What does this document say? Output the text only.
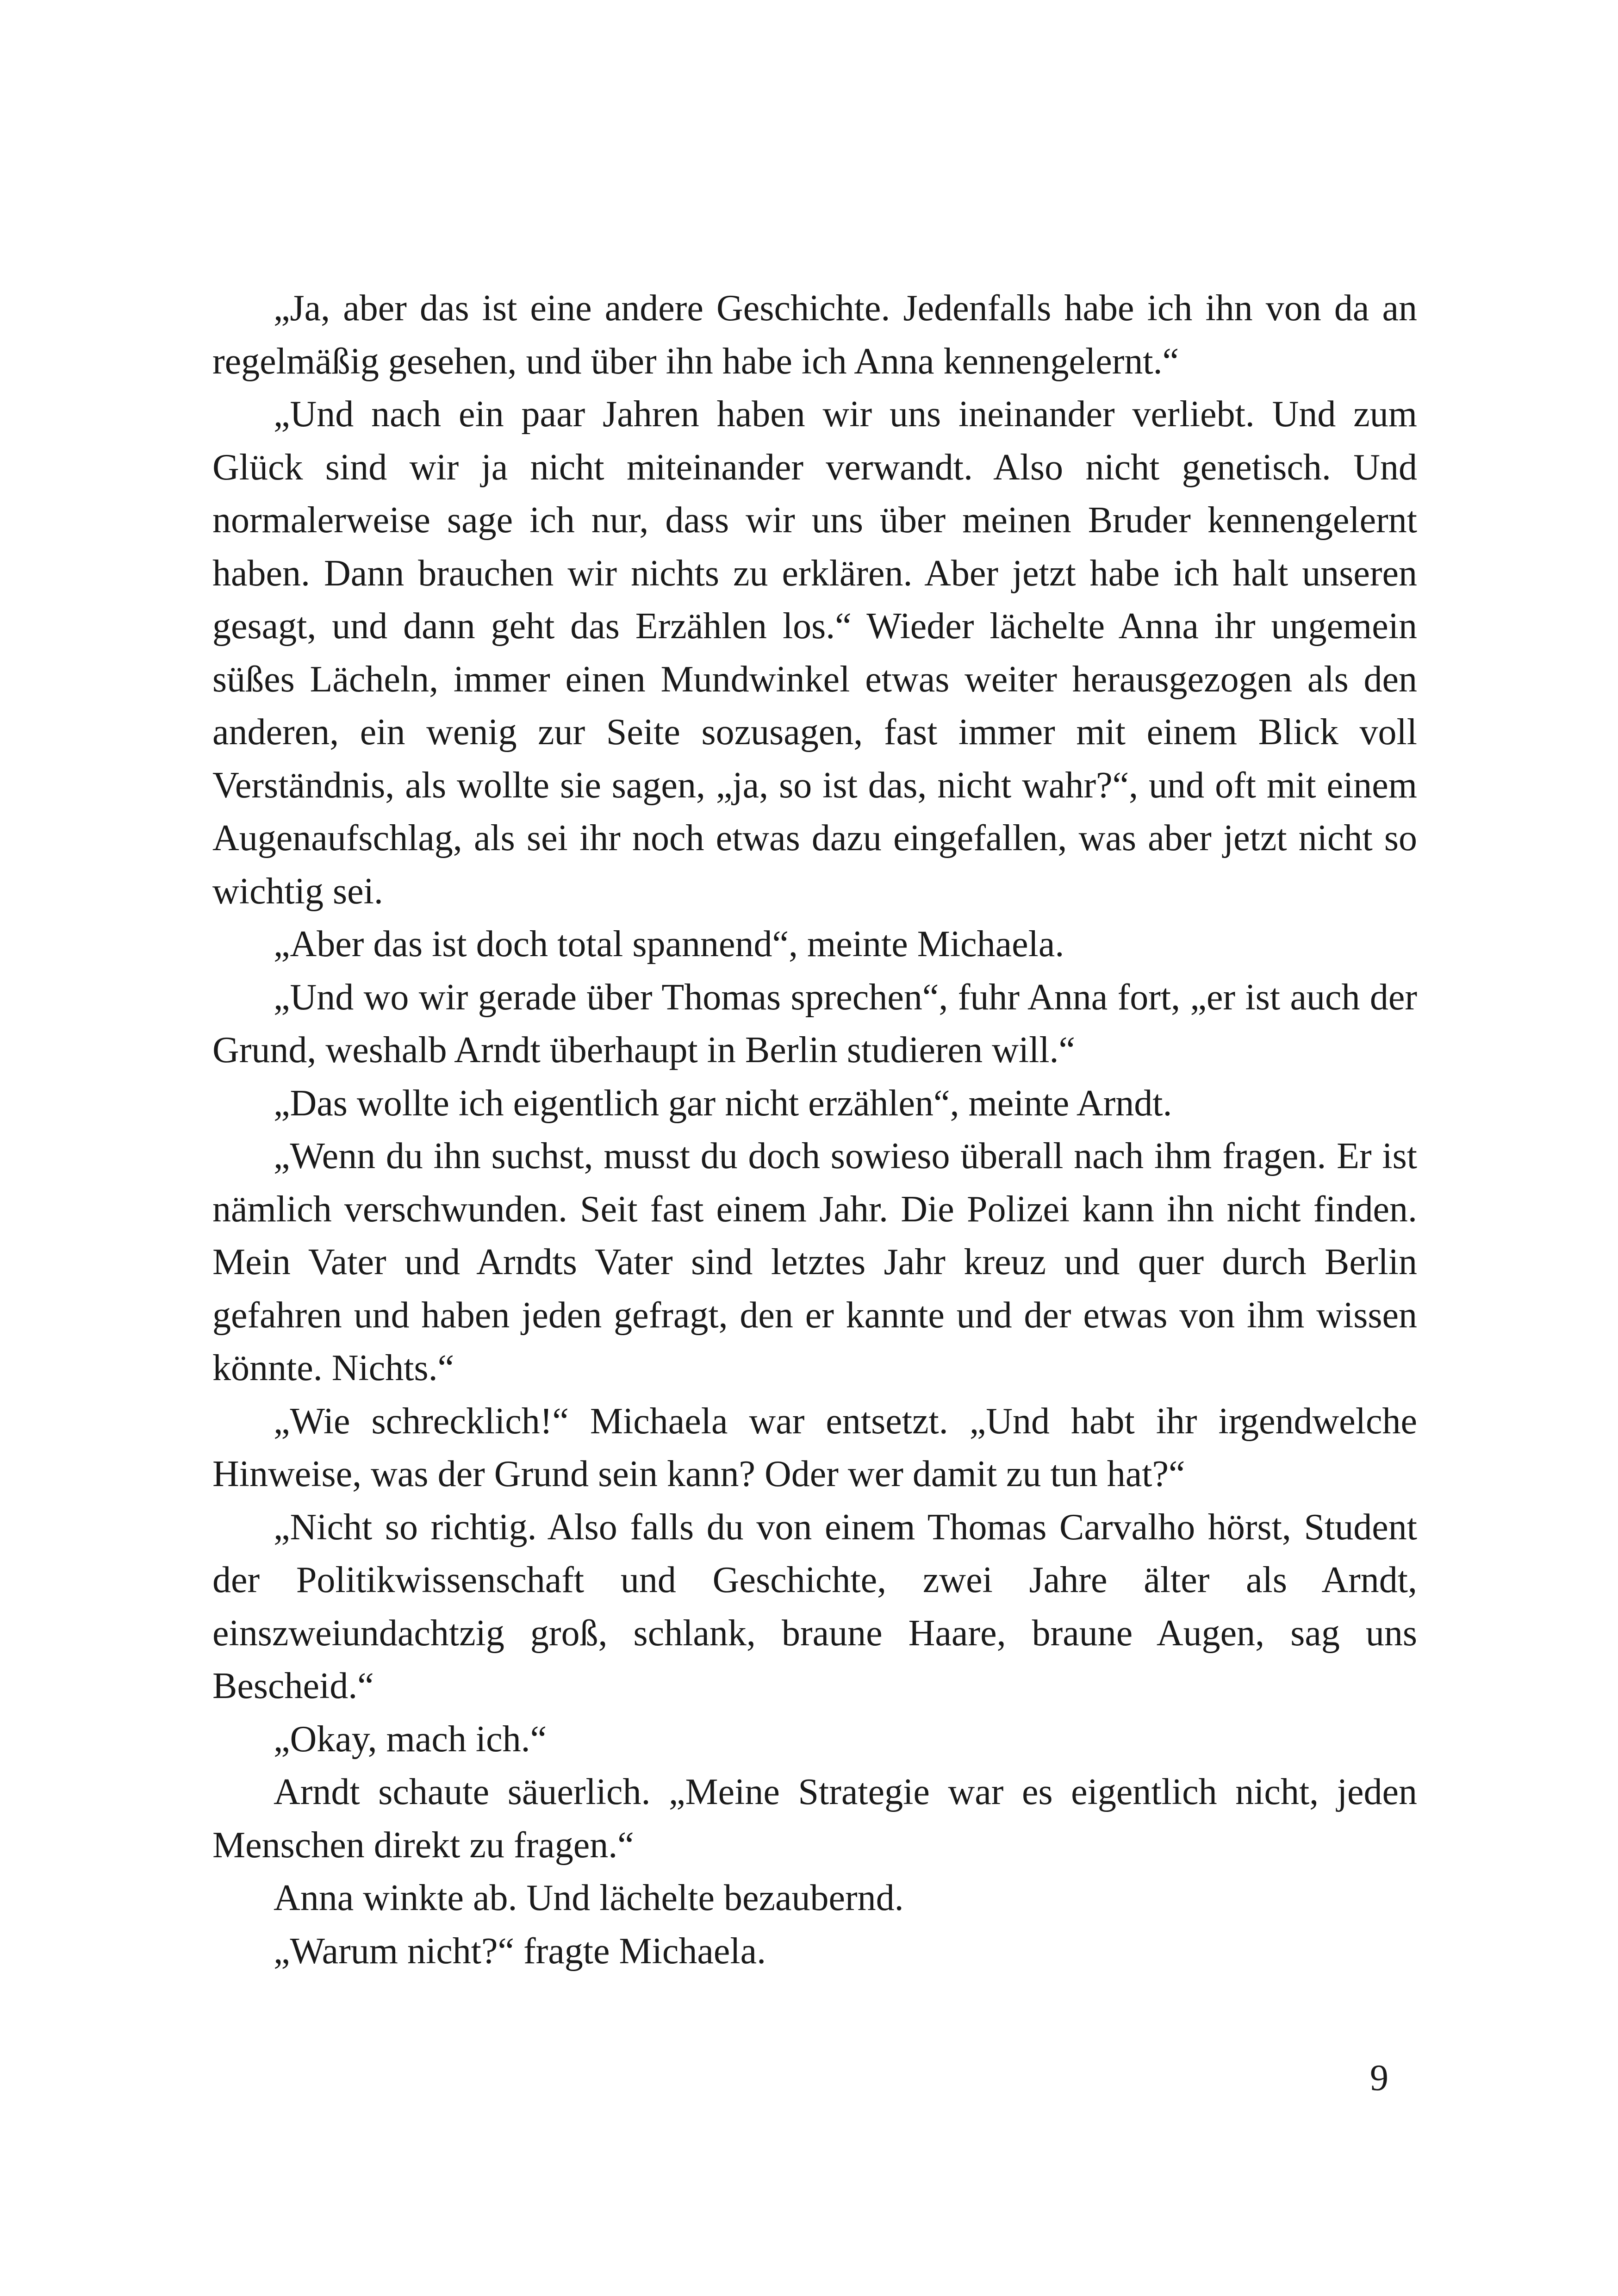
„Ja, aber das ist eine andere Geschichte. Jedenfalls habe ich ihn von da an regelmäßig gesehen, und über ihn habe ich Anna kennengelernt.“

„Und nach ein paar Jahren haben wir uns ineinander verliebt. Und zum Glück sind wir ja nicht miteinander verwandt. Also nicht genetisch. Und normalerweise sage ich nur, dass wir uns über meinen Bruder kennengelernt haben. Dann brauchen wir nichts zu erklären. Aber jetzt habe ich halt unseren gesagt, und dann geht das Erzählen los.“ Wieder lächelte Anna ihr ungemein süßes Lächeln, immer einen Mundwinkel etwas weiter herausgezogen als den anderen, ein wenig zur Seite sozusagen, fast immer mit einem Blick voll Verständnis, als wollte sie sagen, „ja, so ist das, nicht wahr?“, und oft mit einem Augenaufschlag, als sei ihr noch etwas dazu eingefallen, was aber jetzt nicht so wichtig sei.

„Aber das ist doch total spannend“, meinte Michaela.

„Und wo wir gerade über Thomas sprechen“, fuhr Anna fort, „er ist auch der Grund, weshalb Arndt überhaupt in Berlin studieren will.“

„Das wollte ich eigentlich gar nicht erzählen“, meinte Arndt.

„Wenn du ihn suchst, musst du doch sowieso überall nach ihm fragen. Er ist nämlich verschwunden. Seit fast einem Jahr. Die Polizei kann ihn nicht finden. Mein Vater und Arndts Vater sind letztes Jahr kreuz und quer durch Berlin gefahren und haben jeden gefragt, den er kannte und der etwas von ihm wissen könnte. Nichts.“

„Wie schrecklich!“ Michaela war entsetzt. „Und habt ihr irgendwelche Hinweise, was der Grund sein kann? Oder wer damit zu tun hat?“

„Nicht so richtig. Also falls du von einem Thomas Carvalho hörst, Student der Politikwissenschaft und Geschichte, zwei Jahre älter als Arndt, einszweiundachtzig groß, schlank, braune Haare, braune Augen, sag uns Bescheid.“

„Okay, mach ich.“

Arndt schaute säuerlich. „Meine Strategie war es eigentlich nicht, jeden Menschen direkt zu fragen.“

Anna winkte ab. Und lächelte bezaubernd.

„Warum nicht?“ fragte Michaela.

9
